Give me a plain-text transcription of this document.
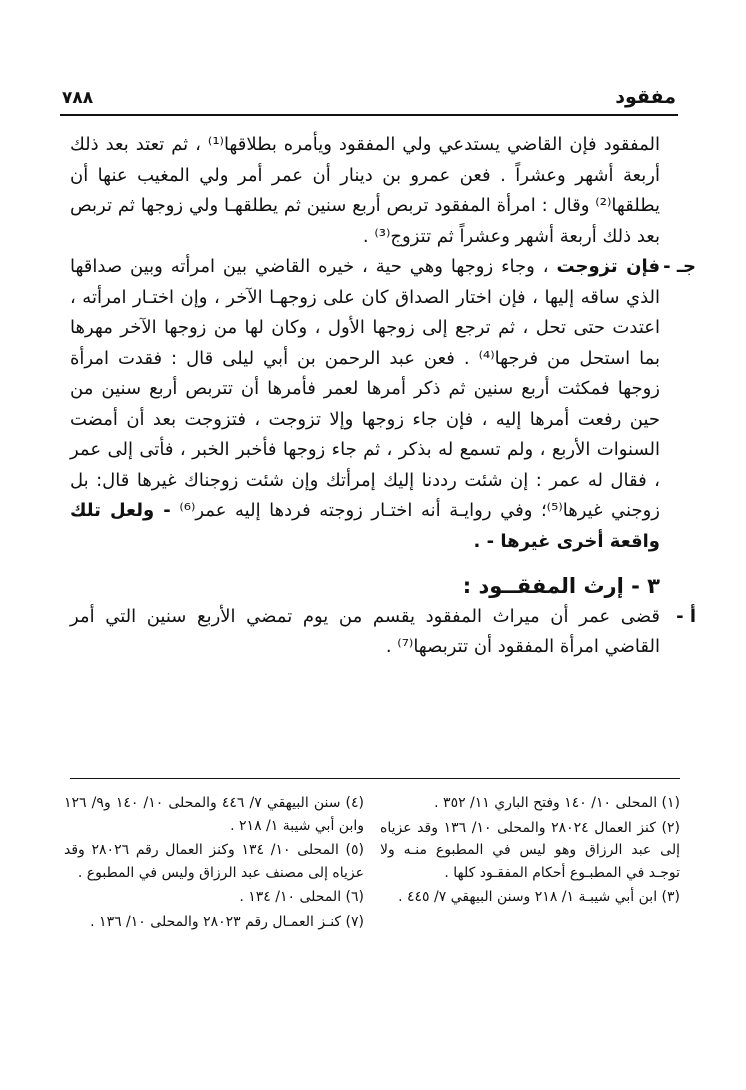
مفقود
٧٨٨

المفقود فإن القاضي يستدعي ولي المفقود ويأمره بطلاقها⁽¹⁾ ، ثم تعتد بعد ذلك أربعة أشهر وعشراً . فعن عمرو بن دينار أن عمر أمر ولي المغيب عنها أن يطلقها⁽²⁾ وقال : امرأة المفقود تربص أربع سنين ثم يطلقهـا ولي زوجها ثم تربص بعد ذلك أربعة أشهر وعشراً ثم تتزوج⁽³⁾ .

جـ -

فإن تزوجت ، وجاء زوجها وهي حية ، خيره القاضي بين امرأته وبين صداقها الذي ساقه إليها ، فإن اختار الصداق كان على زوجهـا الآخر ، وإن اختـار امرأته ، اعتدت حتى تحل ، ثم ترجع إلى زوجها الأول ، وكان لها من زوجها الآخر مهرها بما استحل من فرجها⁽⁴⁾ . فعن عبد الرحمن بن أبي ليلى قال : فقدت امرأة زوجها فمكثت أربع سنين ثم ذكر أمرها لعمر فأمرها أن تتربص أربع سنين من حين رفعت أمرها إليه ، فإن جاء زوجها وإلا تزوجت ، فتزوجت بعد أن أمضت السنوات الأربع ، ولم تسمع له بذكر ، ثم جاء زوجها فأخبر الخبر ، فأتى إلى عمر ، فقال له عمر : إن شئت رددنا إليك إمرأتك وإن شئت زوجناك غيرها قال: بل زوجني غيرها⁽⁵⁾؛ وفي روايـة أنه اختـار زوجته فردها إليه عمر⁽⁶⁾ - ولعل تلك واقعة أخرى غيرها - .

٣ - إرث المفقــود :

أ -

قضى عمر أن ميراث المفقود يقسم من يوم تمضي الأربع سنين التي أمر القاضي امرأة المفقود أن تتربصها⁽⁷⁾ .

(١) المحلى ١٠/ ١٤٠ وفتح الباري ١١/ ٣٥٢ .

(٢) كنز العمال ٢٨٠٢٤ والمحلى ١٠/ ١٣٦ وقد عزياه إلى عبد الرزاق وهو ليس في المطبوع منـه ولا توجـد في المطبـوع أحكام المفقـود كلها .

(٣) ابن أبي شيبـة ١/ ٢١٨ وسنن البيهقي ٧/ ٤٤٥ .

(٤) سنن البيهقي ٧/ ٤٤٦ والمحلى ١٠/ ١٤٠ و٩/ ١٢٦ وابن أبي شيبة ١/ ٢١٨ .

(٥) المحلى ١٠/ ١٣٤ وكنز العمال رقم ٢٨٠٢٦ وقد عزياه إلى مصنف عبد الرزاق وليس في المطبوع .

(٦) المحلى ١٠/ ١٣٤ .

(٧) كنـز العمـال رقم ٢٨٠٢٣ والمحلى ١٠/ ١٣٦ .
